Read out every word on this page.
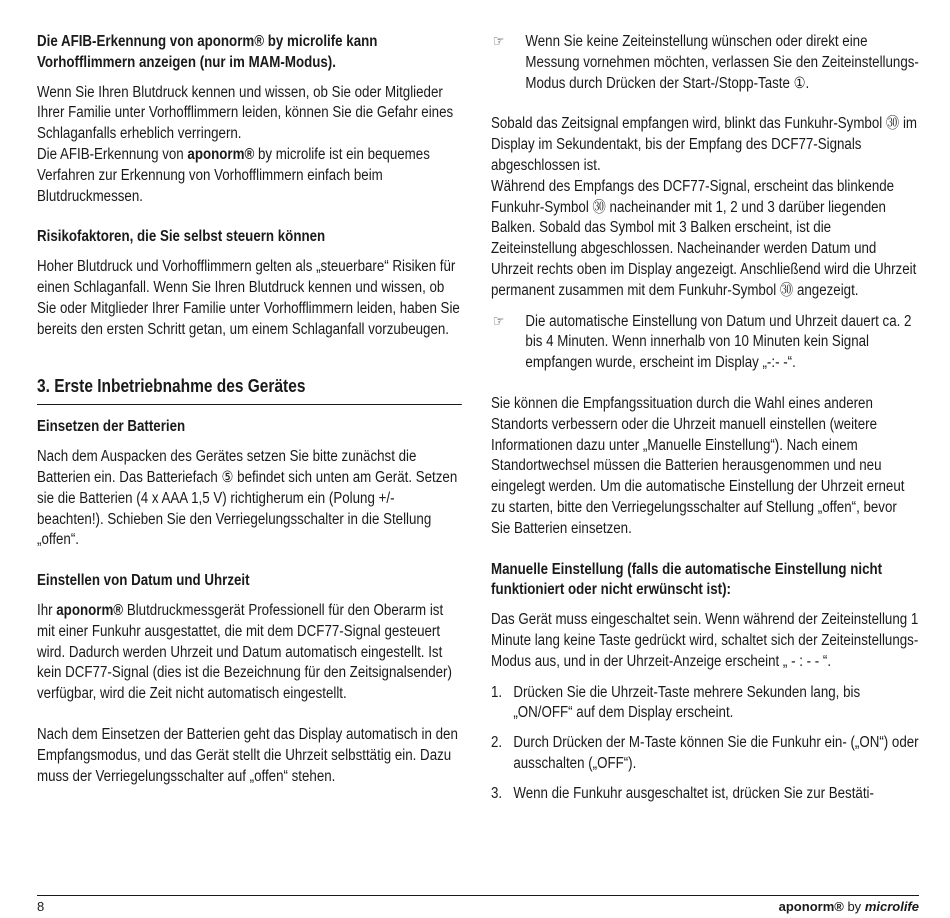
Die AFIB-Erkennung von aponorm® by microlife kann Vorhofflimmern anzeigen (nur im MAM-Modus).

Wenn Sie Ihren Blutdruck kennen und wissen, ob Sie oder Mitglieder Ihrer Familie unter Vorhofflimmern leiden, können Sie die Gefahr eines Schlaganfalls erheblich verringern.

Die AFIB-Erkennung von aponorm® by microlife ist ein bequemes Verfahren zur Erkennung von Vorhofflimmern einfach beim Blutdruckmessen.

Risikofaktoren, die Sie selbst steuern können

Hoher Blutdruck und Vorhofflimmern gelten als „steuerbare“ Risiken für einen Schlaganfall. Wenn Sie Ihren Blutdruck kennen und wissen, ob Sie oder Mitglieder Ihrer Familie unter Vorhofflimmern leiden, haben Sie bereits den ersten Schritt getan, um einem Schlaganfall vorzubeugen.

3. Erste Inbetriebnahme des Gerätes
Einsetzen der Batterien

Nach dem Auspacken des Gerätes setzen Sie bitte zunächst die Batterien ein. Das Batteriefach ⑤ befindet sich unten am Gerät. Setzen sie die Batterien (4 x AAA 1,5 V) richtigherum ein (Polung +/- beachten!). Schieben Sie den Verriegelungsschalter in die Stellung „offen“.

Einstellen von Datum und Uhrzeit

Ihr aponorm® Blutdruckmessgerät Professionell für den Oberarm ist mit einer Funkuhr ausgestattet, die mit dem DCF77-Signal gesteuert wird. Dadurch werden Uhrzeit und Datum automatisch eingestellt. Ist kein DCF77-Signal (dies ist die Bezeichnung für den Zeitsignalsender) verfügbar, wird die Zeit nicht automatisch eingestellt.

Nach dem Einsetzen der Batterien geht das Display automatisch in den Empfangsmodus, und das Gerät stellt die Uhrzeit selbsttätig ein. Dazu muss der Verriegelungsschalter auf „offen“ stehen.

☞	Wenn Sie keine Zeiteinstellung wünschen oder direkt eine Messung vornehmen möchten, verlassen Sie den Zeiteinstellungs-Modus durch Drücken der Start-/Stopp-Taste ①.

Sobald das Zeitsignal empfangen wird, blinkt das Funkuhr-Symbol ㉚ im Display im Sekundentakt, bis der Empfang des DCF77-Signals abgeschlossen ist.

Während des Empfangs des DCF77-Signal, erscheint das blinkende Funkuhr-Symbol ㉚ nacheinander mit 1, 2 und 3 darüber liegenden Balken. Sobald das Symbol mit 3 Balken erscheint, ist die Zeiteinstellung abgeschlossen. Nacheinander werden Datum und Uhrzeit rechts oben im Display angezeigt. Anschließend wird die Uhrzeit permanent zusammen mit dem Funkuhr-Symbol ㉚ angezeigt.

☞	Die automatische Einstellung von Datum und Uhrzeit dauert ca. 2 bis 4 Minuten. Wenn innerhalb von 10 Minuten kein Signal empfangen wurde, erscheint im Display „-:- -“.

Sie können die Empfangssituation durch die Wahl eines anderen Standorts verbessern oder die Uhrzeit manuell einstellen (weitere Informationen dazu unter „Manuelle Einstellung“). Nach einem Standortwechsel müssen die Batterien herausgenommen und neu eingelegt werden. Um die automatische Einstellung der Uhrzeit erneut zu starten, bitte den Verriegelungsschalter auf Stellung „offen“, bevor Sie Batterien einsetzen.

Manuelle Einstellung (falls die automatische Einstellung nicht funktioniert oder nicht erwünscht ist):

Das Gerät muss eingeschaltet sein. Wenn während der Zeiteinstellung 1 Minute lang keine Taste gedrückt wird, schaltet sich der Zeiteinstellungs-Modus aus, und in der Uhrzeit-Anzeige erscheint „ - : - - “.

1. Drücken Sie die Uhrzeit-Taste mehrere Sekunden lang, bis „ON/OFF“ auf dem Display erscheint.
2. Durch Drücken der M-Taste können Sie die Funkuhr ein- („ON“) oder ausschalten („OFF“).
3. Wenn die Funkuhr ausgeschaltet ist, drücken Sie zur Bestäti-
8	aponorm® by microlife
